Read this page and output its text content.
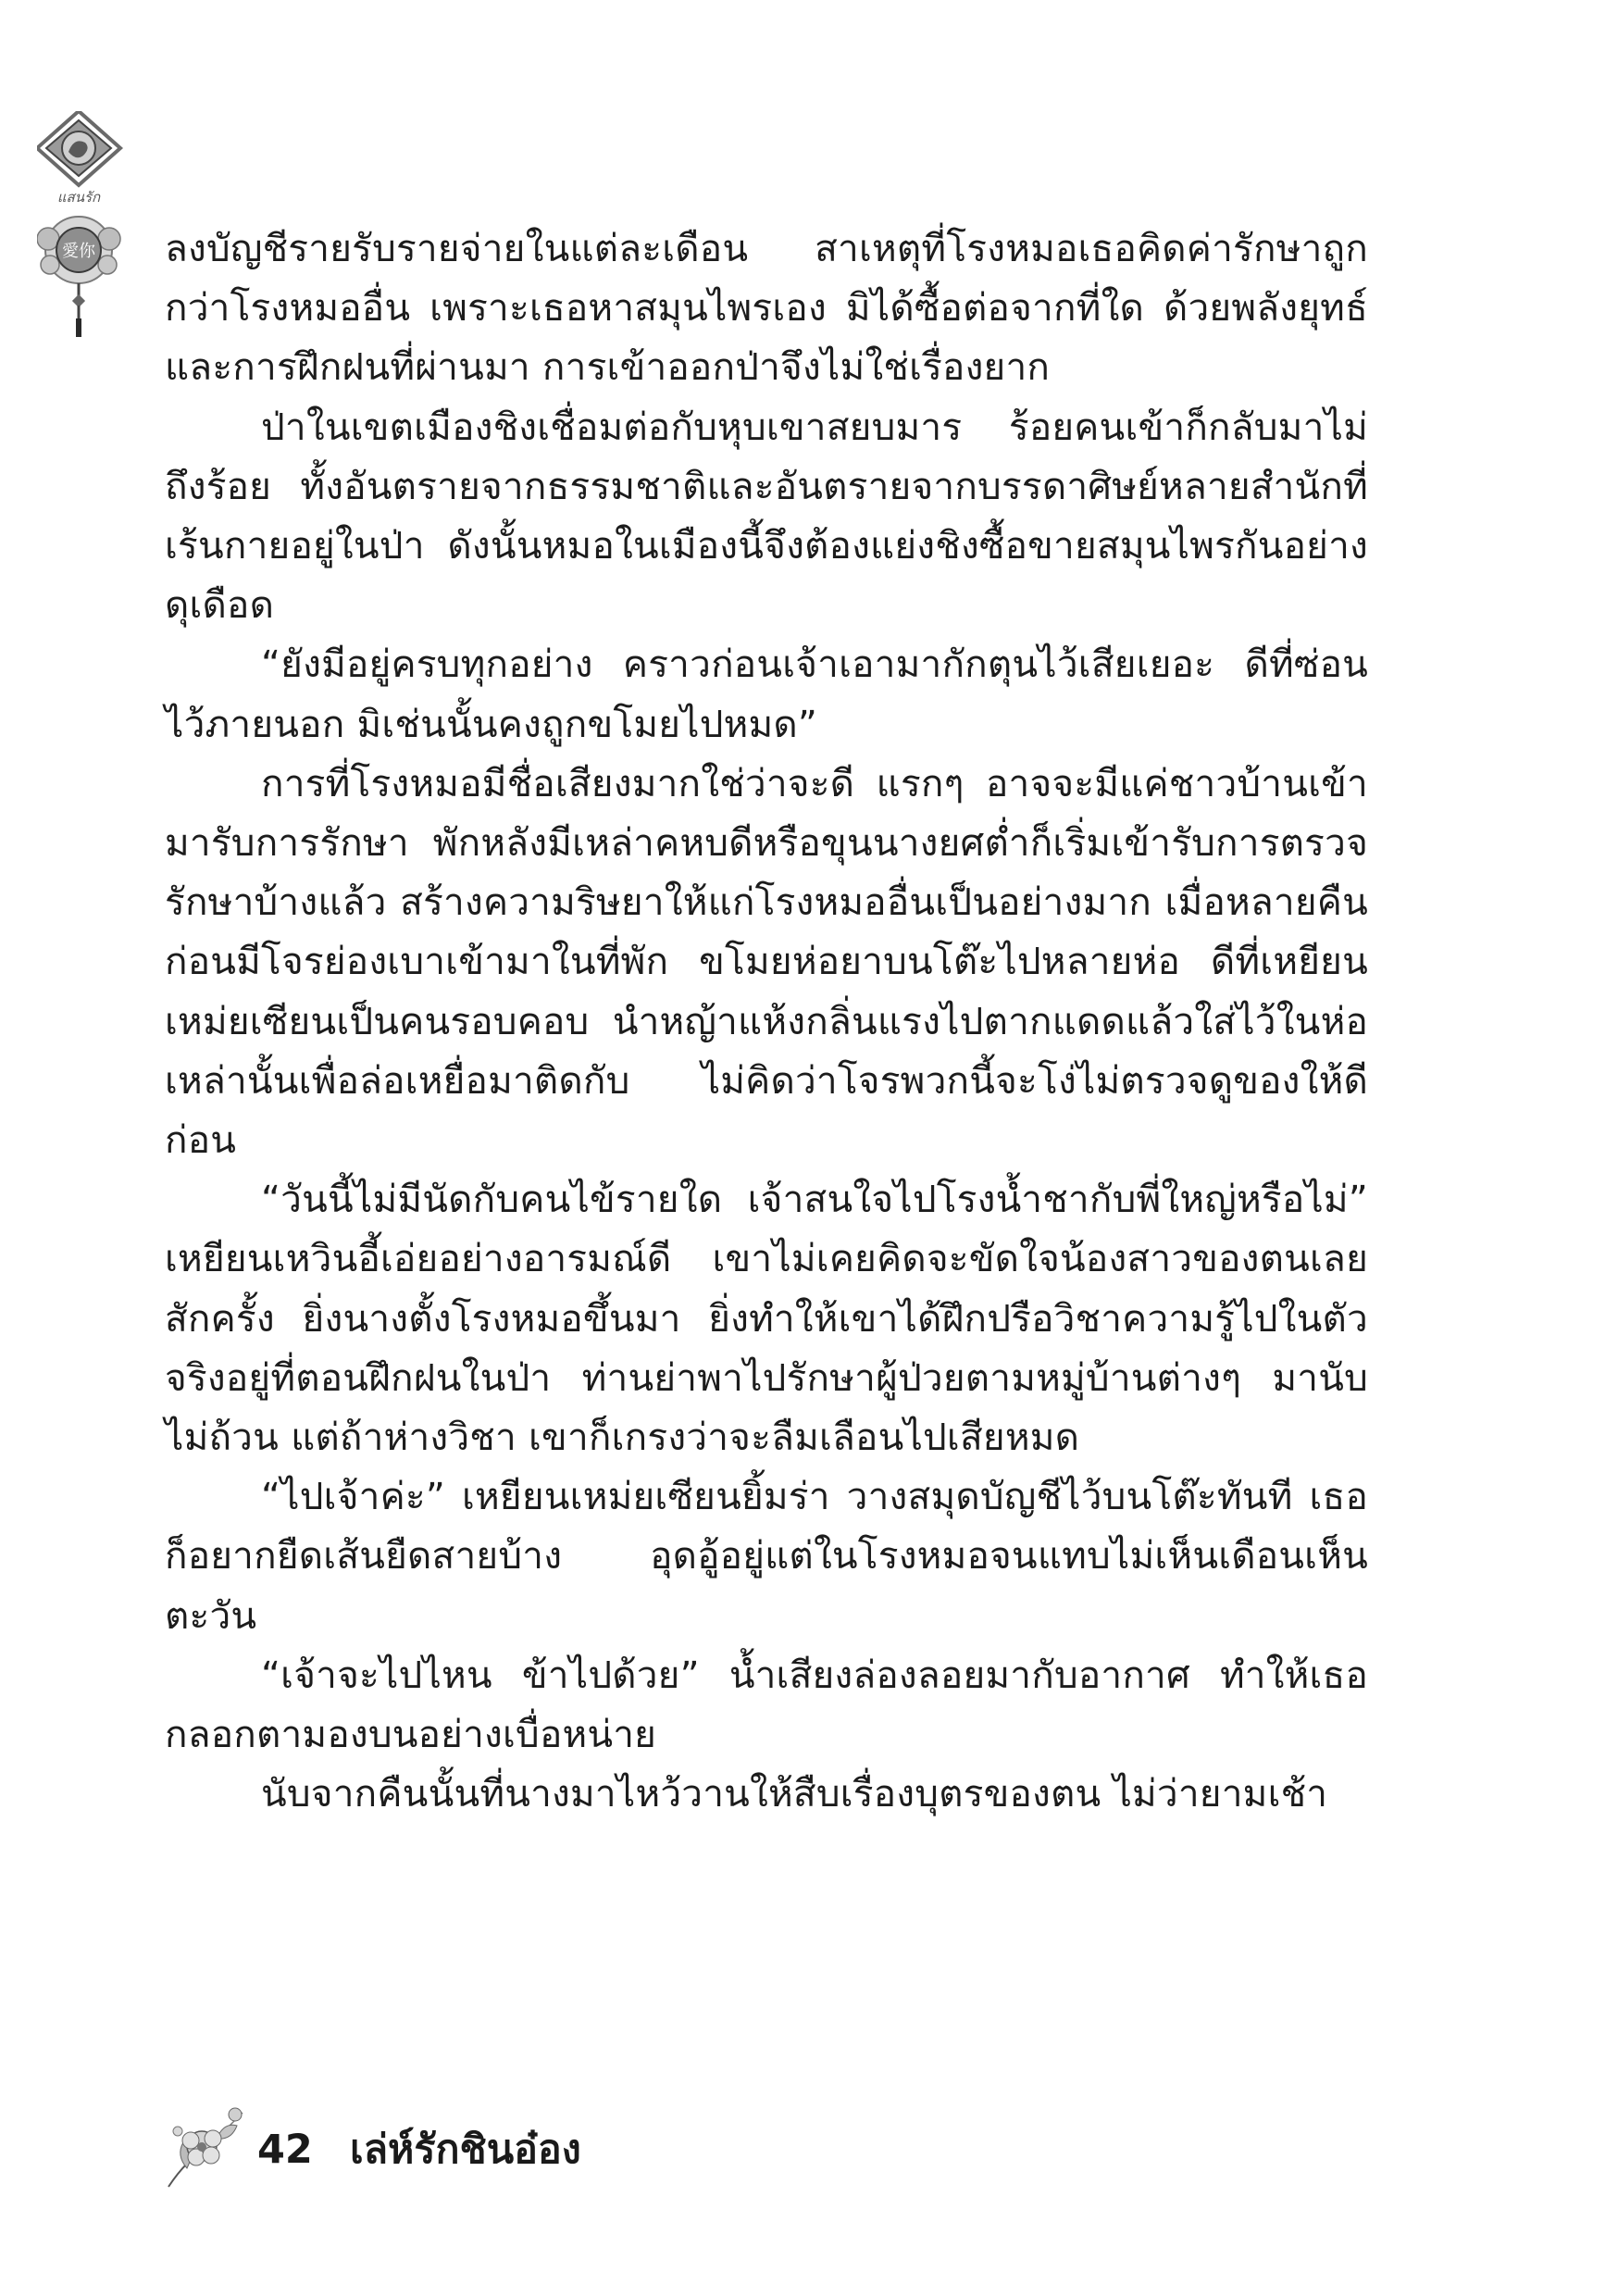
แสนรัก
愛你 ลงบัญชีรายรับรายจ่ายในแต่ละเดือน สาเหตุที่โรงหมอเธอคิดค่ารักษาถูกกว่าโรงหมออื่น เพราะเธอหาสมุนไพรเอง มิได้ซื้อต่อจากที่ใด ด้วยพลังยุทธ์และการฝึกฝนที่ผ่านมา การเข้าออกป่าจึงไม่ใช่เรื่องยาก

ป่าในเขตเมืองชิงเชื่อมต่อกับหุบเขาสยบมาร ร้อยคนเข้าก็กลับมาไม่ถึงร้อย ทั้งอันตรายจากธรรมชาติและอันตรายจากบรรดาศิษย์หลายสำนักที่เร้นกายอยู่ในป่า ดังนั้นหมอในเมืองนี้จึงต้องแย่งชิงซื้อขายสมุนไพรกันอย่างดุเดือด

“ยังมีอยู่ครบทุกอย่าง คราวก่อนเจ้าเอามากักตุนไว้เสียเยอะ ดีที่ซ่อนไว้ภายนอก มิเช่นนั้นคงถูกขโมยไปหมด”

การที่โรงหมอมีชื่อเสียงมากใช่ว่าจะดี แรกๆ อาจจะมีแค่ชาวบ้านเข้ามารับการรักษา พักหลังมีเหล่าคหบดีหรือขุนนางยศต่ำก็เริ่มเข้ารับการตรวจรักษาบ้างแล้ว สร้างความริษยาให้แก่โรงหมออื่นเป็นอย่างมาก เมื่อหลายคืนก่อนมีโจรย่องเบาเข้ามาในที่พัก ขโมยห่อยาบนโต๊ะไปหลายห่อ ดีที่เหยียนเหม่ยเซียนเป็นคนรอบคอบ นำหญ้าแห้งกลิ่นแรงไปตากแดดแล้วใส่ไว้ในห่อเหล่านั้นเพื่อล่อเหยื่อมาติดกับ ไม่คิดว่าโจรพวกนี้จะโง่ไม่ตรวจดูของให้ดีก่อน

“วันนี้ไม่มีนัดกับคนไข้รายใด เจ้าสนใจไปโรงน้ำชากับพี่ใหญ่หรือไม่” เหยียนเหวินอี้เอ่ยอย่างอารมณ์ดี เขาไม่เคยคิดจะขัดใจน้องสาวของตนเลยสักครั้ง ยิ่งนางตั้งโรงหมอขึ้นมา ยิ่งทำให้เขาได้ฝึกปรือวิชาความรู้ไปในตัว จริงอยู่ที่ตอนฝึกฝนในป่า ท่านย่าพาไปรักษาผู้ป่วยตามหมู่บ้านต่างๆ มานับไม่ถ้วน แต่ถ้าห่างวิชา เขาก็เกรงว่าจะลืมเลือนไปเสียหมด

“ไปเจ้าค่ะ” เหยียนเหม่ยเซียนยิ้มร่า วางสมุดบัญชีไว้บนโต๊ะทันที เธอก็อยากยืดเส้นยืดสายบ้าง อุดอู้อยู่แต่ในโรงหมอจนแทบไม่เห็นเดือนเห็นตะวัน

“เจ้าจะไปไหน ข้าไปด้วย” น้ำเสียงล่องลอยมากับอากาศ ทำให้เธอกลอกตามองบนอย่างเบื่อหน่าย

นับจากคืนนั้นที่นางมาไหว้วานให้สืบเรื่องบุตรของตน ไม่ว่ายามเช้า

42 เล่ห์รักชินอ๋อง
